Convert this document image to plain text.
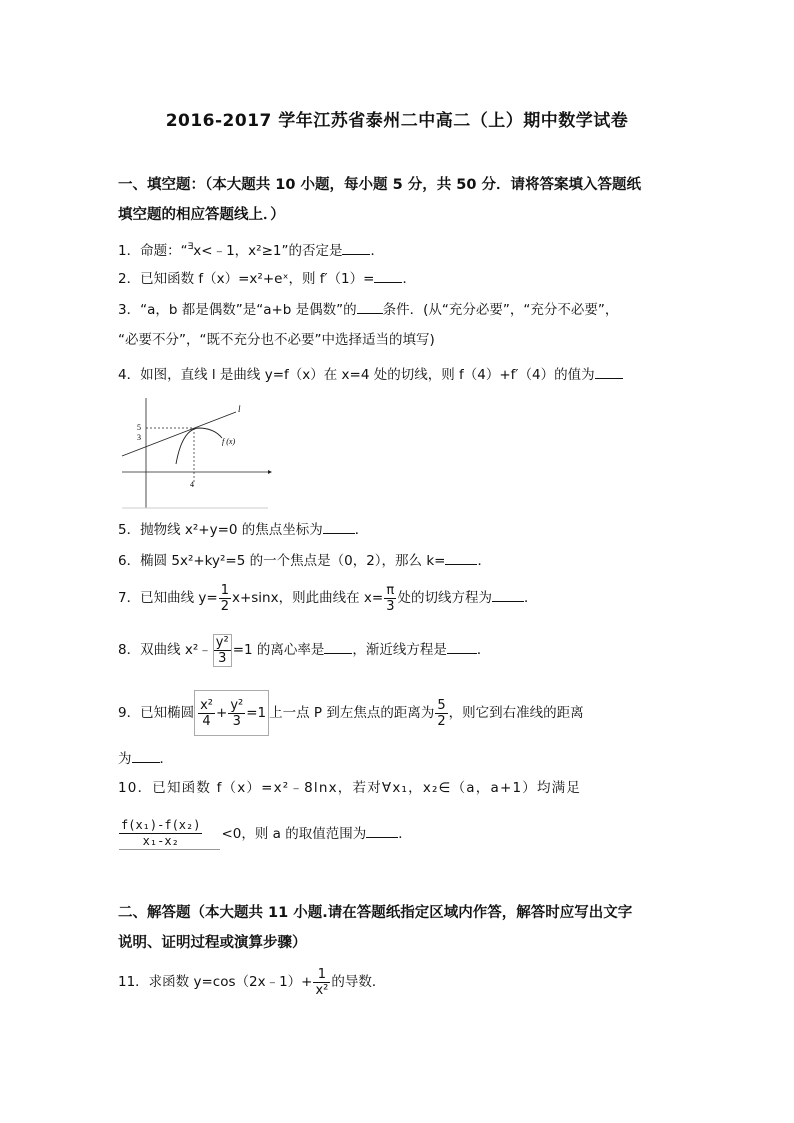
2016-2017 学年江苏省泰州二中高二（上）期中数学试卷
一、填空题：（本大题共 10 小题，每小题 5 分，共 50 分．请将答案填入答题纸
填空题的相应答题线上．）
1．命题：“∃x<﹣1，x²≥1”的否定是 ．
2．已知函数 f（x）=x²+eˣ，则 f′（1）= ．
3．“a，b 都是偶数”是“a+b 是偶数”的 条件．(从“充分必要”，“充分不必要”，
“必要不分”，“既不充分也不必要”中选择适当的填写)
4．如图，直线 l 是曲线 y=f（x）在 x=4 处的切线，则 f（4）+f′（4）的值为
5
3
4
l
f (x)
5．抛物线 x²+y=0 的焦点坐标为 ．
6．椭圆 5x²+ky²=5 的一个焦点是（0，2），那么 k= ．
7．已知曲线 $y= \frac{1}{2} x+\sin x$，则此曲线在 $x= \frac{\pi}{3}$ 处的切线方程为 ．
8．双曲线 x²﹣ $\frac{\text{y²}}{3} =1$ 的离心率是 ，渐近线方程是 ．
9．已知椭圆 $\frac{\text{x²}}{4} + \frac{\text{y²}}{3} =1$ 上一点 P 到左焦点的距离为 $\frac{5}{2}$ ，则它到右准线的距离
为 ．
10．已知函数 f（x）=x²﹣8lnx，若对∀x₁，x₂∈（a，a+1）均满足
$\frac{\text{f(x₁)-f(x₂)}}{\text{x₁-x₂}} <0$，则 a 的取值范围为 ．
二、解答题（本大题共 11 小题.请在答题纸指定区域内作答，解答时应写出文字
说明、证明过程或演算步骤）
11．求函数 y=cos（2x﹣1）+ $\frac{1}{\text{x²}}$ 的导数．
